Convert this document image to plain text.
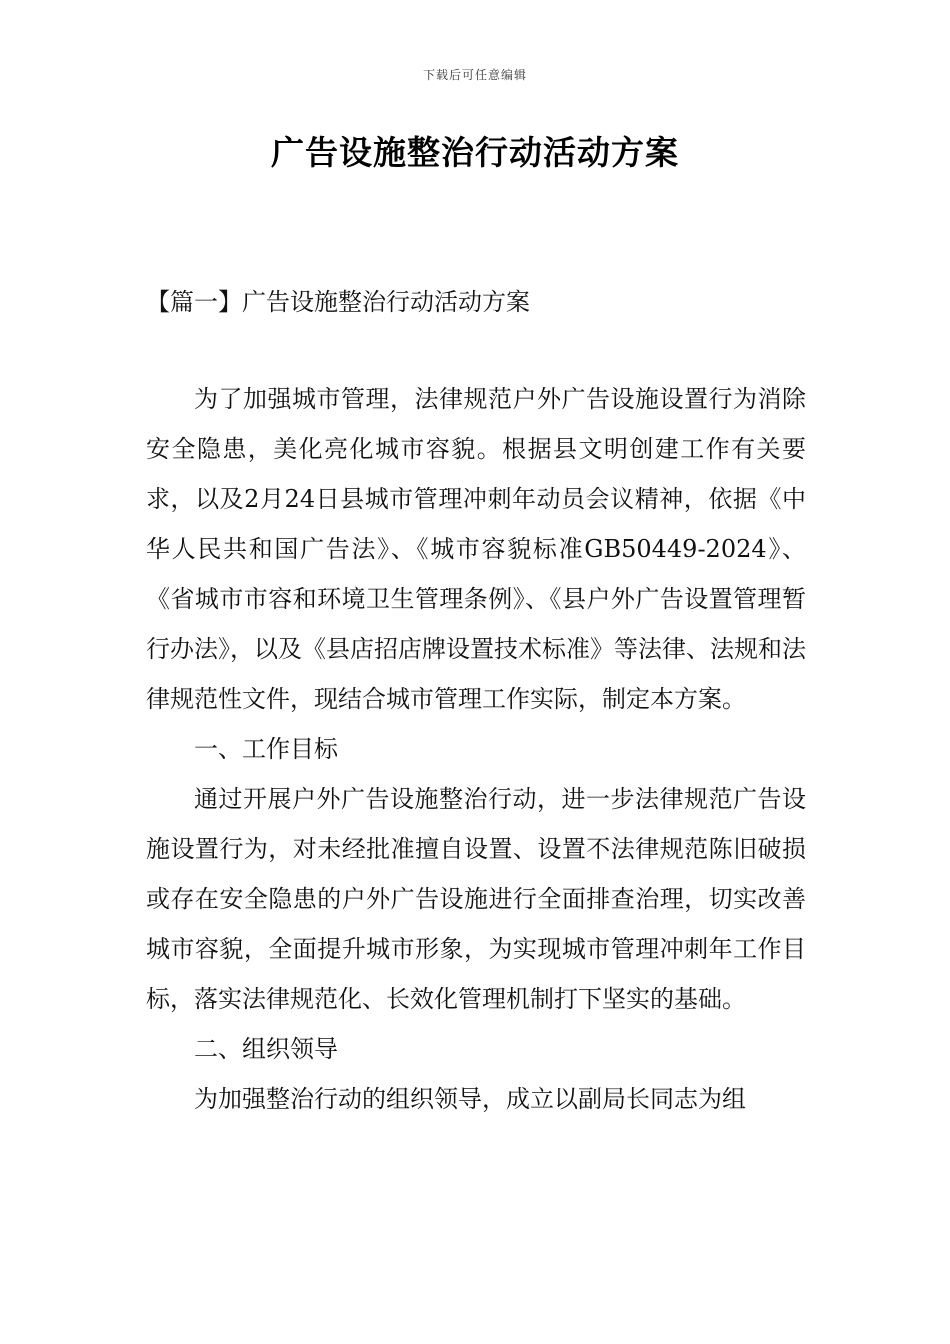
下载后可任意编辑
广告设施整治行动活动方案
【篇一】广告设施整治行动活动方案

为了加强城市管理，法律规范户外广告设施设置行为消除安全隐患，美化亮化城市容貌。根据县文明创建工作有关要求，以及2月24日县城市管理冲刺年动员会议精神，依据《中华人民共和国广告法》、《城市容貌标准GB50449-2024》、《省城市市容和环境卫生管理条例》、《县户外广告设置管理暂行办法》，以及《县店招店牌设置技术标准》等法律、法规和法律规范性文件，现结合城市管理工作实际，制定本方案。

一、工作目标

通过开展户外广告设施整治行动，进一步法律规范广告设施设置行为，对未经批准擅自设置、设置不法律规范陈旧破损或存在安全隐患的户外广告设施进行全面排查治理，切实改善城市容貌，全面提升城市形象，为实现城市管理冲刺年工作目标，落实法律规范化、长效化管理机制打下坚实的基础。

二、组织领导

为加强整治行动的组织领导，成立以副局长同志为组
